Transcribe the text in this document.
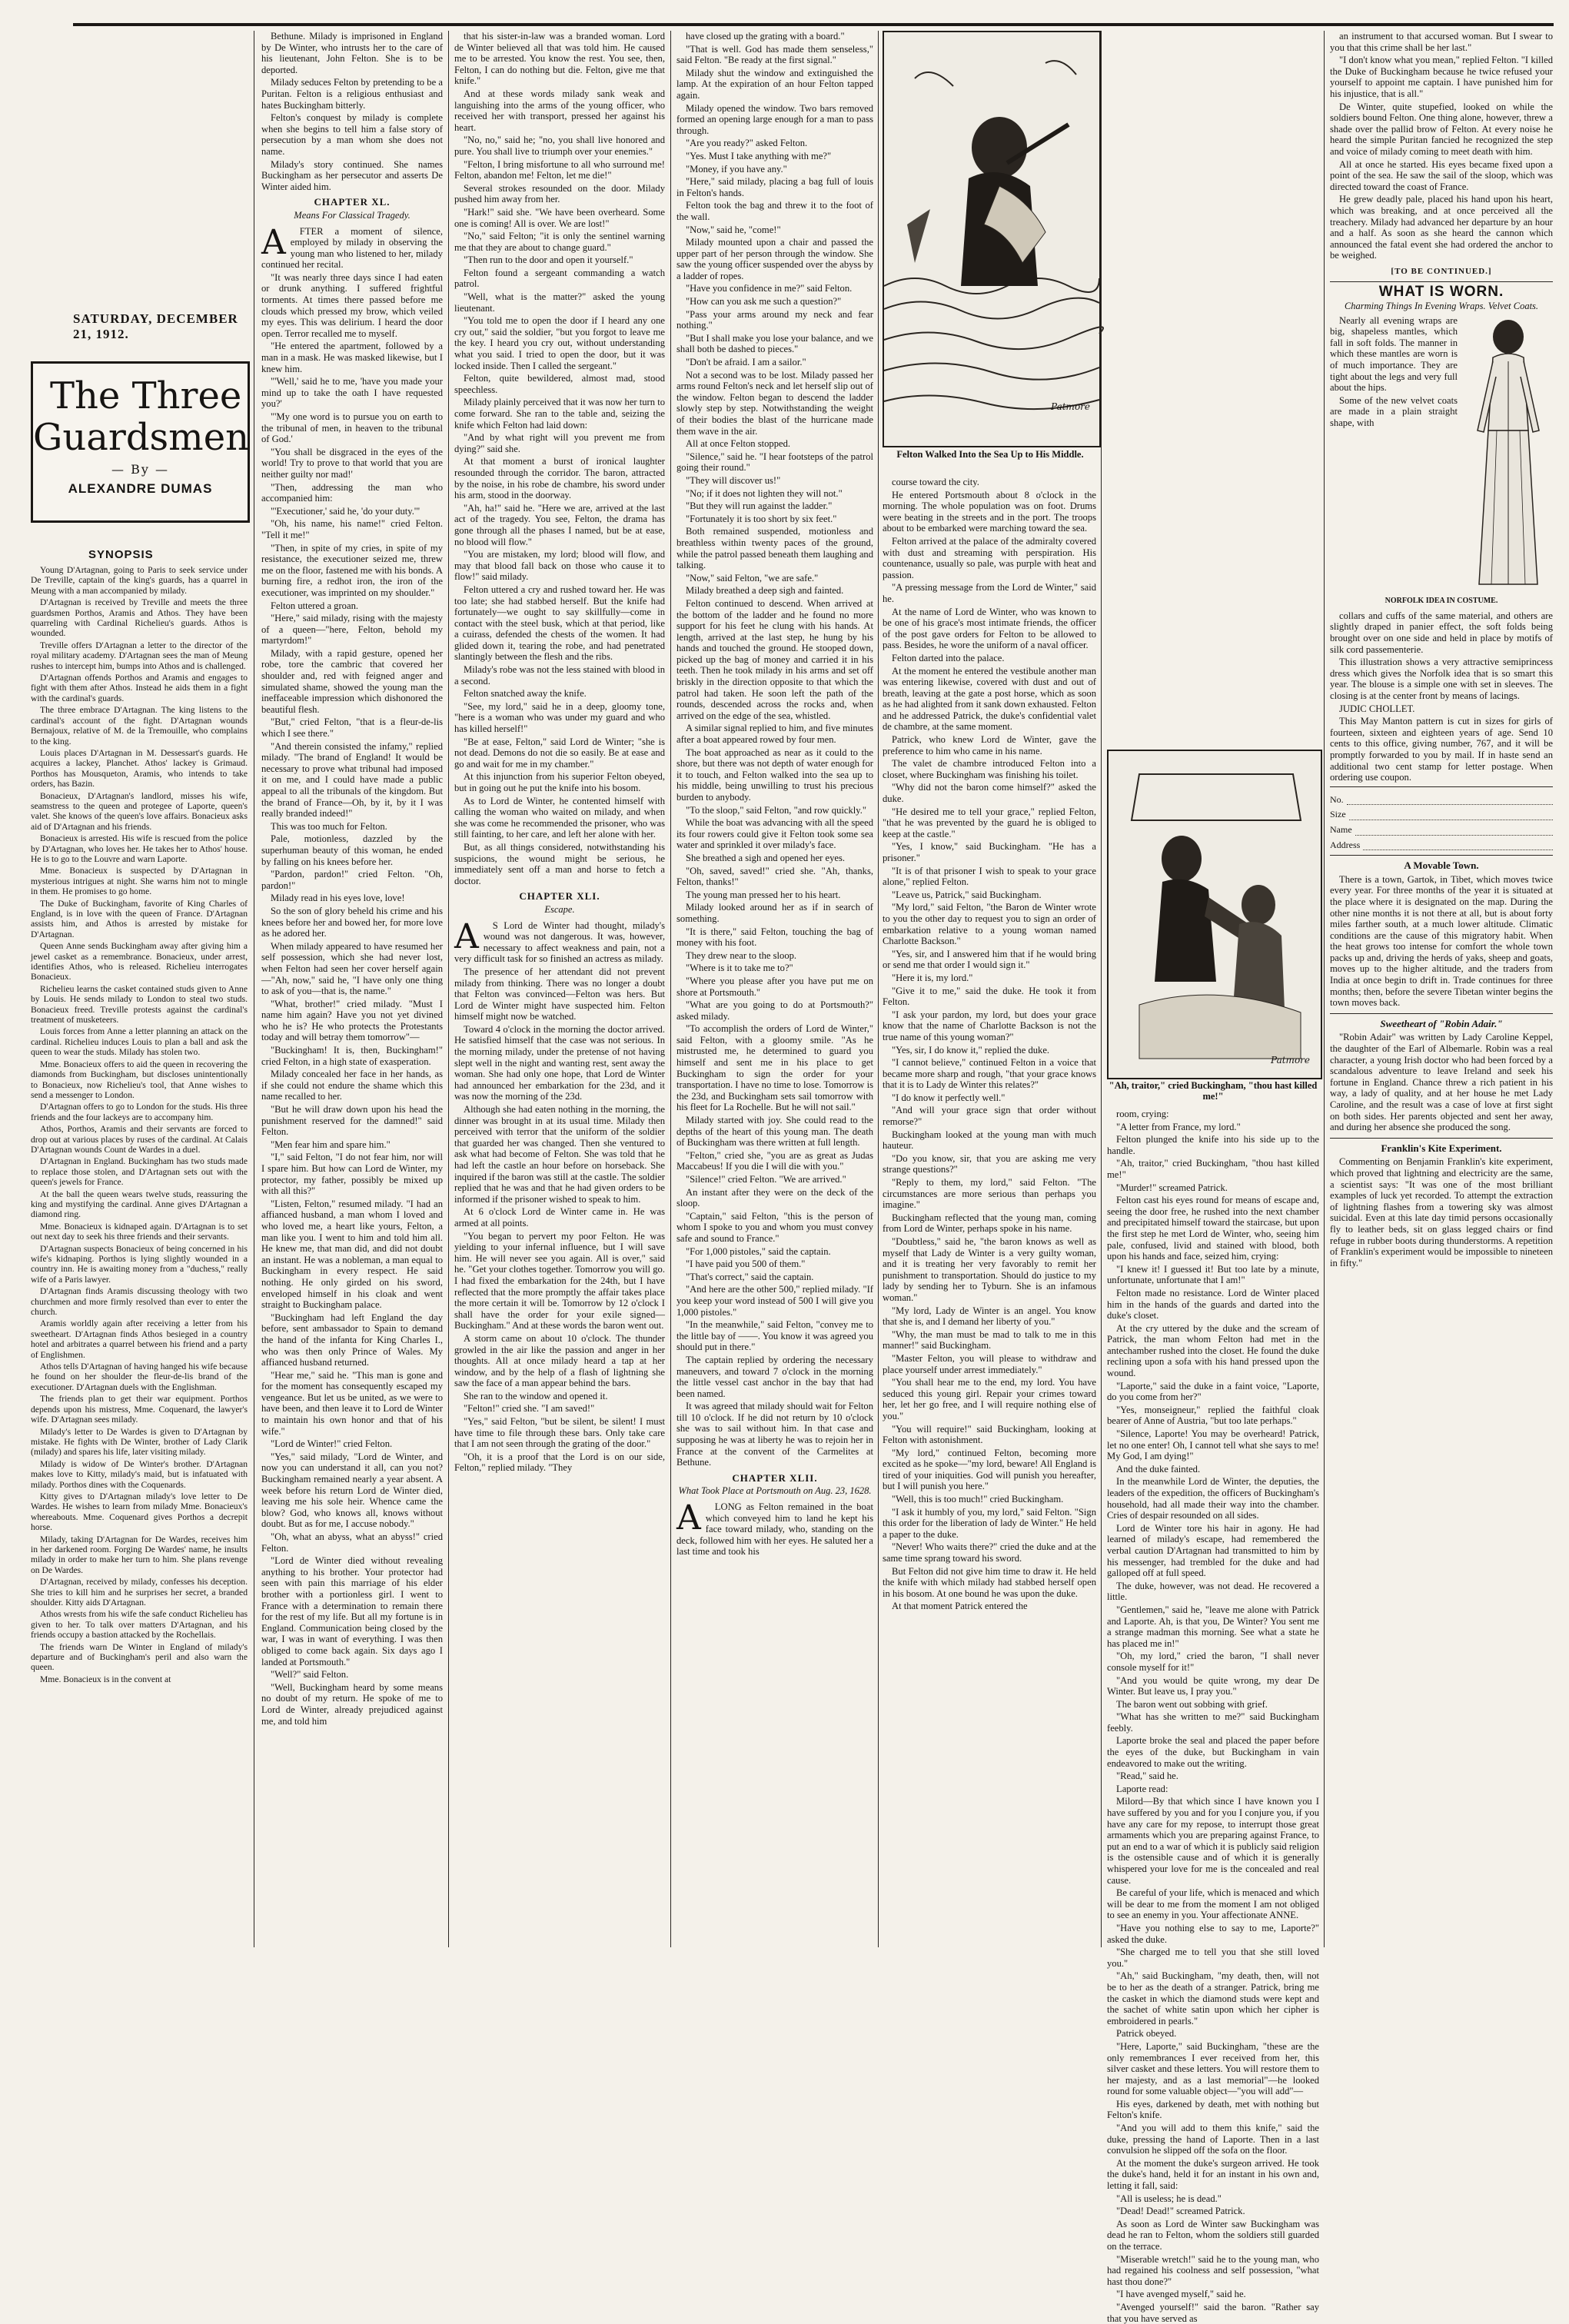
SATURDAY, DECEMBER 21, 1912.
The Three
Guardsmen
— By —
ALEXANDRE DUMAS
SYNOPSIS

Young D'Artagnan, going to Paris to seek service under De Treville, captain of the king's guards, has a quarrel in Meung with a man accompanied by milady.

D'Artagnan is received by Treville and meets the three guardsmen Porthos, Aramis and Athos. They have been quarreling with Cardinal Richelieu's guards. Athos is wounded.

Treville offers D'Artagnan a letter to the director of the royal military academy. D'Artagnan sees the man of Meung rushes to intercept him, bumps into Athos and is challenged.

D'Artagnan offends Porthos and Aramis and engages to fight with them after Athos. Instead he aids them in a fight with the cardinal's guards.

The three embrace D'Artagnan. The king listens to the cardinal's account of the fight. D'Artagnan wounds Bernajoux, relative of M. de la Tremouille, who complains to the king.

Louis places D'Artagnan in M. Dessessart's guards. He acquires a lackey, Planchet. Athos' lackey is Grimaud. Porthos has Mousqueton, Aramis, who intends to take orders, has Bazin.

Bonacieux, D'Artagnan's landlord, misses his wife, seamstress to the queen and protegee of Laporte, queen's valet. She knows of the queen's love affairs. Bonacieux asks aid of D'Artagnan and his friends.

Bonacieux is arrested. His wife is rescued from the police by D'Artagnan, who loves her. He takes her to Athos' house. He is to go to the Louvre and warn Laporte.

Mme. Bonacieux is suspected by D'Artagnan in mysterious intrigues at night. She warns him not to mingle in them. He promises to go home.

The Duke of Buckingham, favorite of King Charles of England, is in love with the queen of France. D'Artagnan assists him, and Athos is arrested by mistake for D'Artagnan.

Queen Anne sends Buckingham away after giving him a jewel casket as a remembrance. Bonacieux, under arrest, identifies Athos, who is released. Richelieu interrogates Bonacieux.

Richelieu learns the casket contained studs given to Anne by Louis. He sends milady to London to steal two studs. Bonacieux freed. Treville protests against the cardinal's treatment of musketeers.

Louis forces from Anne a letter planning an attack on the cardinal. Richelieu induces Louis to plan a ball and ask the queen to wear the studs. Milady has stolen two.

Mme. Bonacieux offers to aid the queen in recovering the diamonds from Buckingham, but discloses unintentionally to Bonacieux, now Richelieu's tool, that Anne wishes to send a messenger to London.

D'Artagnan offers to go to London for the studs. His three friends and the four lackeys are to accompany him.

Athos, Porthos, Aramis and their servants are forced to drop out at various places by ruses of the cardinal. At Calais D'Artagnan wounds Count de Wardes in a duel.

D'Artagnan in England. Buckingham has two studs made to replace those stolen, and D'Artagnan sets out with the queen's jewels for France.

At the ball the queen wears twelve studs, reassuring the king and mystifying the cardinal. Anne gives D'Artagnan a diamond ring.

Mme. Bonacieux is kidnaped again. D'Artagnan is to set out next day to seek his three friends and their servants.

D'Artagnan suspects Bonacieux of being concerned in his wife's kidnaping. Porthos is lying slightly wounded in a country inn. He is awaiting money from a "duchess," really wife of a Paris lawyer.

D'Artagnan finds Aramis discussing theology with two churchmen and more firmly resolved than ever to enter the church.

Aramis worldly again after receiving a letter from his sweetheart. D'Artagnan finds Athos besieged in a country hotel and arbitrates a quarrel between his friend and a party of Englishmen.

Athos tells D'Artagnan of having hanged his wife because he found on her shoulder the fleur-de-lis brand of the executioner. D'Artagnan duels with the Englishman.

The friends plan to get their war equipment. Porthos depends upon his mistress, Mme. Coquenard, the lawyer's wife. D'Artagnan sees milady.

Milady's letter to De Wardes is given to D'Artagnan by mistake. He fights with De Winter, brother of Lady Clarik (milady) and spares his life, later visiting milady.

Milady is widow of De Winter's brother. D'Artagnan makes love to Kitty, milady's maid, but is infatuated with milady. Porthos dines with the Coquenards.

Kitty gives to D'Artagnan milady's love letter to De Wardes. He wishes to learn from milady Mme. Bonacieux's whereabouts. Mme. Coquenard gives Porthos a decrepit horse.

Milady, taking D'Artagnan for De Wardes, receives him in her darkened room. Forging De Wardes' name, he insults milady in order to make her turn to him. She plans revenge on De Wardes.

D'Artagnan, received by milady, confesses his deception. She tries to kill him and he surprises her secret, a branded shoulder. Kitty aids D'Artagnan.

Athos wrests from his wife the safe conduct Richelieu has given to her. To talk over matters D'Artagnan, and his friends occupy a bastion attacked by the Rochellais.

The friends warn De Winter in England of milady's departure and of Buckingham's peril and also warn the queen.

Mme. Bonacieux is in the convent at

Bethune. Milady is imprisoned in England by De Winter, who intrusts her to the care of his lieutenant, John Felton. She is to be deported.

Milady seduces Felton by pretending to be a Puritan. Felton is a religious enthusiast and hates Buckingham bitterly.

Felton's conquest by milady is complete when she begins to tell him a false story of persecution by a man whom she does not name.

Milady's story continued. She names Buckingham as her persecutor and asserts De Winter aided him.

CHAPTER XL.
Means For Classical Tragedy.
A	FTER a moment of silence, employed by milady in observing the young man who listened to her, milady continued her recital.

"It was nearly three days since I had eaten or drunk anything. I suffered frightful torments. At times there passed before me clouds which pressed my brow, which veiled my eyes. This was delirium. I heard the door open. Terror recalled me to myself.

"He entered the apartment, followed by a man in a mask. He was masked likewise, but I knew him.

"'Well,' said he to me, 'have you made your mind up to take the oath I have requested you?'

"'My one word is to pursue you on earth to the tribunal of men, in heaven to the tribunal of God.'

"You shall be disgraced in the eyes of the world! Try to prove to that world that you are neither guilty nor mad!'

"Then, addressing the man who accompanied him:

"'Executioner,' said he, 'do your duty.'"

"Oh, his name, his name!" cried Felton. "Tell it me!"

"Then, in spite of my cries, in spite of my resistance, the executioner seized me, threw me on the floor, fastened me with his bonds. A burning fire, a redhot iron, the iron of the executioner, was imprinted on my shoulder."

Felton uttered a groan.

"Here," said milady, rising with the majesty of a queen—"here, Felton, behold my martyrdom!"

Milady, with a rapid gesture, opened her robe, tore the cambric that covered her shoulder and, red with feigned anger and simulated shame, showed the young man the ineffaceable impression which dishonored the beautiful flesh.

"But," cried Felton, "that is a fleur-de-lis which I see there."

"And therein consisted the infamy," replied milady. "The brand of England! It would be necessary to prove what tribunal had imposed it on me, and I could have made a public appeal to all the tribunals of the kingdom. But the brand of France—Oh, by it, by it I was really branded indeed!"

This was too much for Felton.

Pale, motionless, dazzled by the superhuman beauty of this woman, he ended by falling on his knees before her.

"Pardon, pardon!" cried Felton. "Oh, pardon!"

Milady read in his eyes love, love!

So the son of glory beheld his crime and his knees before her and bowed her, for more love as he adored her.

When milady appeared to have resumed her self possession, which she had never lost, when Felton had seen her cover herself again—"Ah, now," said he, "I have only one thing to ask of you—that is, the name."

"What, brother!" cried milady. "Must I name him again? Have you not yet divined who he is? He who protects the Protestants today and will betray them tomorrow"—

"Buckingham! It is, then, Buckingham!" cried Felton, in a high state of exasperation.

Milady concealed her face in her hands, as if she could not endure the shame which this name recalled to her.

"But he will draw down upon his head the punishment reserved for the damned!" said Felton.

"Men fear him and spare him."

"I," said Felton, "I do not fear him, nor will I spare him. But how can Lord de Winter, my protector, my father, possibly be mixed up with all this?"

"Listen, Felton," resumed milady. "I had an affianced husband, a man whom I loved and who loved me, a heart like yours, Felton, a man like you. I went to him and told him all. He knew me, that man did, and did not doubt an instant. He was a nobleman, a man equal to Buckingham in every respect. He said nothing. He only girded on his sword, enveloped himself in his cloak and went straight to Buckingham palace.

"Buckingham had left England the day before, sent ambassador to Spain to demand the hand of the infanta for King Charles I., who was then only Prince of Wales. My affianced husband returned.

"Hear me," said he. "This man is gone and for the moment has consequently escaped my vengeance. But let us be united, as we were to have been, and then leave it to Lord de Winter to maintain his own honor and that of his wife."

"Lord de Winter!" cried Felton.

"Yes," said milady, "Lord de Winter, and now you can understand it all, can you not? Buckingham remained nearly a year absent. A week before his return Lord de Winter died, leaving me his sole heir. Whence came the blow? God, who knows all, knows without doubt. But as for me, I accuse nobody."

"Oh, what an abyss, what an abyss!" cried Felton.

"Lord de Winter died without revealing anything to his brother. Your protector had seen with pain this marriage of his elder brother with a portionless girl. I went to France with a determination to remain there for the rest of my life. But all my fortune is in England. Communication being closed by the war, I was in want of everything. I was then obliged to come back again. Six days ago I landed at Portsmouth."

"Well?" said Felton.

"Well, Buckingham heard by some means no doubt of my return. He spoke of me to Lord de Winter, already prejudiced against me, and told him

that his sister-in-law was a branded woman. Lord de Winter believed all that was told him. He caused me to be arrested. You know the rest. You see, then, Felton, I can do nothing but die. Felton, give me that knife."

And at these words milady sank weak and languishing into the arms of the young officer, who received her with transport, pressed her against his heart.

"No, no," said he; "no, you shall live honored and pure. You shall live to triumph over your enemies."

"Felton, I bring misfortune to all who surround me! Felton, abandon me! Felton, let me die!"

Several strokes resounded on the door. Milady pushed him away from her.

"Hark!" said she. "We have been overheard. Some one is coming! All is over. We are lost!"

"No," said Felton; "it is only the sentinel warning me that they are about to change guard."

"Then run to the door and open it yourself."

Felton found a sergeant commanding a watch patrol.

"Well, what is the matter?" asked the young lieutenant.

"You told me to open the door if I heard any one cry out," said the soldier, "but you forgot to leave me the key. I heard you cry out, without understanding what you said. I tried to open the door, but it was locked inside. Then I called the sergeant."

Felton, quite bewildered, almost mad, stood speechless.

Milady plainly perceived that it was now her turn to come forward. She ran to the table and, seizing the knife which Felton had laid down:

"And by what right will you prevent me from dying?" said she.

At that moment a burst of ironical laughter resounded through the corridor. The baron, attracted by the noise, in his robe de chambre, his sword under his arm, stood in the doorway.

"Ah, ha!" said he. "Here we are, arrived at the last act of the tragedy. You see, Felton, the drama has gone through all the phases I named, but be at ease, no blood will flow."

"You are mistaken, my lord; blood will flow, and may that blood fall back on those who cause it to flow!" said milady.

Felton uttered a cry and rushed toward her. He was too late; she had stabbed herself. But the knife had fortunately—we ought to say skillfully—come in contact with the steel busk, which at that period, like a cuirass, defended the chests of the women. It had glided down it, tearing the robe, and had penetrated slantingly between the flesh and the ribs.

Milady's robe was not the less stained with blood in a second.

Felton snatched away the knife.

"See, my lord," said he in a deep, gloomy tone, "here is a woman who was under my guard and who has killed herself!"

"Be at ease, Felton," said Lord de Winter; "she is not dead. Demons do not die so easily. Be at ease and go and wait for me in my chamber."

At this injunction from his superior Felton obeyed, but in going out he put the knife into his bosom.

As to Lord de Winter, he contented himself with calling the woman who waited on milady, and when she was come he recommended the prisoner, who was still fainting, to her care, and left her alone with her.

But, as all things considered, notwithstanding his suspicions, the wound might be serious, he immediately sent off a man and horse to fetch a doctor.

CHAPTER XLI.
Escape.
A	S Lord de Winter had thought, milady's wound was not dangerous. It was, however, necessary to affect weakness and pain, not a very difficult task for so finished an actress as milady.

The presence of her attendant did not prevent milady from thinking. There was no longer a doubt that Felton was convinced—Felton was hers. But Lord de Winter might have suspected him. Felton himself might now be watched.

Toward 4 o'clock in the morning the doctor arrived. He satisfied himself that the case was not serious. In the morning milady, under the pretense of not having slept well in the night and wanting rest, sent away the woman. She had only one hope, that Lord de Winter had announced her embarkation for the 23d, and it was now the morning of the 23d.

Although she had eaten nothing in the morning, the dinner was brought in at its usual time. Milady then perceived with terror that the uniform of the soldier that guarded her was changed. Then she ventured to ask what had become of Felton. She was told that he had left the castle an hour before on horseback. She inquired if the baron was still at the castle. The soldier replied that he was and that he had given orders to be informed if the prisoner wished to speak to him.

At 6 o'clock Lord de Winter came in. He was armed at all points.

"You began to pervert my poor Felton. He was yielding to your infernal influence, but I will save him. He will never see you again. All is over," said he. "Get your clothes together. Tomorrow you will go. I had fixed the embarkation for the 24th, but I have reflected that the more promptly the affair takes place the more certain it will be. Tomorrow by 12 o'clock I shall have the order for your exile signed—Buckingham." And at these words the baron went out.

A storm came on about 10 o'clock. The thunder growled in the air like the passion and anger in her thoughts. All at once milady heard a tap at her window, and by the help of a flash of lightning she saw the face of a man appear behind the bars.

She ran to the window and opened it.

"Felton!" cried she. "I am saved!"

"Yes," said Felton, "but be silent, be silent! I must have time to file through these bars. Only take care that I am not seen through the grating of the door."

"Oh, it is a proof that the Lord is on our side, Felton," replied milady. "They

Patmore
Felton Walked Into the Sea Up to His Middle.

have closed up the grating with a board."

"That is well. God has made them senseless," said Felton. "Be ready at the first signal."

Milady shut the window and extinguished the lamp. At the expiration of an hour Felton tapped again.

Milady opened the window. Two bars removed formed an opening large enough for a man to pass through.

"Are you ready?" asked Felton.

"Yes. Must I take anything with me?"

"Money, if you have any."

"Here," said milady, placing a bag full of louis in Felton's hands.

Felton took the bag and threw it to the foot of the wall.

"Now," said he, "come!"

Milady mounted upon a chair and passed the upper part of her person through the window. She saw the young officer suspended over the abyss by a ladder of ropes.

"Have you confidence in me?" said Felton.

"How can you ask me such a question?"

"Pass your arms around my neck and fear nothing."

"But I shall make you lose your balance, and we shall both be dashed to pieces."

"Don't be afraid. I am a sailor."

Not a second was to be lost. Milady passed her arms round Felton's neck and let herself slip out of the window. Felton began to descend the ladder slowly step by step. Notwithstanding the weight of their bodies the blast of the hurricane made them wave in the air.

All at once Felton stopped.

"Silence," said he. "I hear footsteps of the patrol going their round."

"They will discover us!"

"No; if it does not lighten they will not."

"But they will run against the ladder."

"Fortunately it is too short by six feet."

Both remained suspended, motionless and breathless within twenty paces of the ground, while the patrol passed beneath them laughing and talking.

"Now," said Felton, "we are safe."

Milady breathed a deep sigh and fainted.

Felton continued to descend. When arrived at the bottom of the ladder and he found no more support for his feet he clung with his hands. At length, arrived at the last step, he hung by his hands and touched the ground. He stooped down, picked up the bag of money and carried it in his teeth. Then he took milady in his arms and set off briskly in the direction opposite to that which the patrol had taken. He soon left the path of the rounds, descended across the rocks and, when arrived on the edge of the sea, whistled.

A similar signal replied to him, and five minutes after a boat appeared rowed by four men.

The boat approached as near as it could to the shore, but there was not depth of water enough for it to touch, and Felton walked into the sea up to his middle, being unwilling to trust his precious burden to anybody.

"To the sloop," said Felton, "and row quickly."

While the boat was advancing with all the speed its four rowers could give it Felton took some sea water and sprinkled it over milady's face.

She breathed a sigh and opened her eyes.

"Oh, saved, saved!" cried she. "Ah, thanks, Felton, thanks!"

The young man pressed her to his heart.

Milady looked around her as if in search of something.

"It is there," said Felton, touching the bag of money with his foot.

They drew near to the sloop.

"Where is it to take me to?"

"Where you please after you have put me on shore at Portsmouth."

"What are you going to do at Portsmouth?" asked milady.

"To accomplish the orders of Lord de Winter," said Felton, with a gloomy smile. "As he mistrusted me, he determined to guard you himself and sent me in his place to get Buckingham to sign the order for your transportation. I have no time to lose. Tomorrow is the 23d, and Buckingham sets sail tomorrow with his fleet for La Rochelle. But he will not sail."

Milady started with joy. She could read to the depths of the heart of this young man. The death of Buckingham was there written at full length.

"Felton," cried she, "you are as great as Judas Maccabeus! If you die I will die with you."

"Silence!" cried Felton. "We are arrived."

An instant after they were on the deck of the sloop.

"Captain," said Felton, "this is the person of whom I spoke to you and whom you must convey safe and sound to France."

"For 1,000 pistoles," said the captain.

"I have paid you 500 of them."

"That's correct," said the captain.

"And here are the other 500," replied milady. "If you keep your word instead of 500 I will give you 1,000 pistoles."

"In the meanwhile," said Felton, "convey me to the little bay of ——. You know it was agreed you should put in there."

The captain replied by ordering the necessary maneuvers, and toward 7 o'clock in the morning the little vessel cast anchor in the bay that had been named.

It was agreed that milady should wait for Felton till 10 o'clock. If he did not return by 10 o'clock she was to sail without him. In that case and supposing he was at liberty he was to rejoin her in France at the convent of the Carmelites at Bethune.

CHAPTER XLII.
What Took Place at Portsmouth on Aug. 23, 1628.
A	LONG as Felton remained in the boat which conveyed him to land he kept his face toward milady, who, standing on the deck, followed him with her eyes. He saluted her a last time and took his

course toward the city.

He entered Portsmouth about 8 o'clock in the morning. The whole population was on foot. Drums were beating in the streets and in the port. The troops about to be embarked were marching toward the sea.

Felton arrived at the palace of the admiralty covered with dust and streaming with perspiration. His countenance, usually so pale, was purple with heat and passion.

"A pressing message from the Lord de Winter," said he.

At the name of Lord de Winter, who was known to be one of his grace's most intimate friends, the officer of the post gave orders for Felton to be allowed to pass. Besides, he wore the uniform of a naval officer.

Felton darted into the palace.

At the moment he entered the vestibule another man was entering likewise, covered with dust and out of breath, leaving at the gate a post horse, which as soon as he had alighted from it sank down exhausted. Felton and he addressed Patrick, the duke's confidential valet de chambre, at the same moment.

Patrick, who knew Lord de Winter, gave the preference to him who came in his name.

The valet de chambre introduced Felton into a closet, where Buckingham was finishing his toilet.

"Why did not the baron come himself?" asked the duke.

"He desired me to tell your grace," replied Felton, "that he was prevented by the guard he is obliged to keep at the castle."

"Yes, I know," said Buckingham. "He has a prisoner."

"It is of that prisoner I wish to speak to your grace alone," replied Felton.

"Leave us, Patrick," said Buckingham.

"My lord," said Felton, "the Baron de Winter wrote to you the other day to request you to sign an order of embarkation relative to a young woman named Charlotte Backson."

"Yes, sir, and I answered him that if he would bring or send me that order I would sign it."

"Here it is, my lord."

"Give it to me," said the duke. He took it from Felton.

"I ask your pardon, my lord, but does your grace know that the name of Charlotte Backson is not the true name of this young woman?"

"Yes, sir, I do know it," replied the duke.

"I cannot believe," continued Felton in a voice that became more sharp and rough, "that your grace knows that it is to Lady de Winter this relates?"

"I do know it perfectly well."

"And will your grace sign that order without remorse?"

Buckingham looked at the young man with much hauteur.

"Do you know, sir, that you are asking me very strange questions?"

"Reply to them, my lord," said Felton. "The circumstances are more serious than perhaps you imagine."

Buckingham reflected that the young man, coming from Lord de Winter, perhaps spoke in his name.

"Doubtless," said he, "the baron knows as well as myself that Lady de Winter is a very guilty woman, and it is treating her very favorably to remit her punishment to transportation. Should do justice to my lady by sending her to Tyburn. She is an infamous woman."

"My lord, Lady de Winter is an angel. You know that she is, and I demand her liberty of you."

"Why, the man must be mad to talk to me in this manner!" said Buckingham.

"Master Felton, you will please to withdraw and place yourself under arrest immediately."

"You shall hear me to the end, my lord. You have seduced this young girl. Repair your crimes toward her, let her go free, and I will require nothing else of you."

"You will require!" said Buckingham, looking at Felton with astonishment.

"My lord," continued Felton, becoming more excited as he spoke—"my lord, beware! All England is tired of your iniquities. God will punish you hereafter, but I will punish you here."

"Well, this is too much!" cried Buckingham.

"I ask it humbly of you, my lord," said Felton. "Sign this order for the liberation of lady de Winter." He held a paper to the duke.

"Never! Who waits there?" cried the duke and at the same time sprang toward his sword.

But Felton did not give him time to draw it. He held the knife with which milady had stabbed herself open in his bosom. At one bound he was upon the duke.

At that moment Patrick entered the

Patmore
"Ah, traitor," cried Buckingham, "thou hast killed me!"

room, crying:

"A letter from France, my lord."

Felton plunged the knife into his side up to the handle.

"Ah, traitor," cried Buckingham, "thou hast killed me!"

"Murder!" screamed Patrick.

Felton cast his eyes round for means of escape and, seeing the door free, he rushed into the next chamber and precipitated himself toward the staircase, but upon the first step he met Lord de Winter, who, seeing him pale, confused, livid and stained with blood, both upon his hands and face, seized him, crying:

"I knew it! I guessed it! But too late by a minute, unfortunate, unfortunate that I am!"

Felton made no resistance. Lord de Winter placed him in the hands of the guards and darted into the duke's closet.

At the cry uttered by the duke and the scream of Patrick, the man whom Felton had met in the antechamber rushed into the closet. He found the duke reclining upon a sofa with his hand pressed upon the wound.

"Laporte," said the duke in a faint voice, "Laporte, do you come from her?"

"Yes, monseigneur," replied the faithful cloak bearer of Anne of Austria, "but too late perhaps."

"Silence, Laporte! You may be overheard! Patrick, let no one enter! Oh, I cannot tell what she says to me! My God, I am dying!"

And the duke fainted.

In the meanwhile Lord de Winter, the deputies, the leaders of the expedition, the officers of Buckingham's household, had all made their way into the chamber. Cries of despair resounded on all sides.

Lord de Winter tore his hair in agony. He had learned of milady's escape, had remembered the verbal caution D'Artagnan had transmitted to him by his messenger, had trembled for the duke and had galloped off at full speed.

The duke, however, was not dead. He recovered a little.

"Gentlemen," said he, "leave me alone with Patrick and Laporte. Ah, is that you, De Winter? You sent me a strange madman this morning. See what a state he has placed me in!"

"Oh, my lord," cried the baron, "I shall never console myself for it!"

"And you would be quite wrong, my dear De Winter. But leave us, I pray you."

The baron went out sobbing with grief.

"What has she written to me?" said Buckingham feebly.

Laporte broke the seal and placed the paper before the eyes of the duke, but Buckingham in vain endeavored to make out the writing.

"Read," said he.

Laporte read:

Milord—By that which since I have known you I have suffered by you and for you I conjure you, if you have any care for my repose, to interrupt those great armaments which you are preparing against France, to put an end to a war of which it is publicly said religion is the ostensible cause and of which it is generally whispered your love for me is the concealed and real cause.

Be careful of your life, which is menaced and which will be dear to me from the moment I am not obliged to see an enemy in you. Your affectionate ANNE.

"Have you nothing else to say to me, Laporte?" asked the duke.

"She charged me to tell you that she still loved you."

"Ah," said Buckingham, "my death, then, will not be to her as the death of a stranger. Patrick, bring me the casket in which the diamond studs were kept and the sachet of white satin upon which her cipher is embroidered in pearls."

Patrick obeyed.

"Here, Laporte," said Buckingham, "these are the only remembrances I ever received from her, this silver casket and these letters. You will restore them to her majesty, and as a last memorial"—he looked round for some valuable object—"you will add"—

His eyes, darkened by death, met with nothing but Felton's knife.

"And you will add to them this knife," said the duke, pressing the hand of Laporte. Then in a last convulsion he slipped off the sofa on the floor.

At the moment the duke's surgeon arrived. He took the duke's hand, held it for an instant in his own and, letting it fall, said:

"All is useless; he is dead."

"Dead! Dead!" screamed Patrick.

As soon as Lord de Winter saw Buckingham was dead he ran to Felton, whom the soldiers still guarded on the terrace.

"Miserable wretch!" said he to the young man, who had regained his coolness and self possession, "what hast thou done?"

"I have avenged myself," said he.

"Avenged yourself!" said the baron. "Rather say that you have served as

an instrument to that accursed woman. But I swear to you that this crime shall be her last."

"I don't know what you mean," replied Felton. "I killed the Duke of Buckingham because he twice refused your yourself to appoint me captain. I have punished him for his injustice, that is all."

De Winter, quite stupefied, looked on while the soldiers bound Felton. One thing alone, however, threw a shade over the pallid brow of Felton. At every noise he heard the simple Puritan fancied he recognized the step and voice of milady coming to meet death with him.

All at once he started. His eyes became fixed upon a point of the sea. He saw the sail of the sloop, which was directed toward the coast of France.

He grew deadly pale, placed his hand upon his heart, which was breaking, and at once perceived all the treachery. Milady had advanced her departure by an hour and a half. As soon as she heard the cannon which announced the fatal event she had ordered the anchor to be weighed.

[TO BE CONTINUED.]
WHAT IS WORN.
Charming Things In Evening Wraps. Velvet Coats.

Nearly all evening wraps are big, shapeless mantles, which fall in soft folds. The manner in which these mantles are worn is of much importance. They are tight about the legs and very full about the hips.

Some of the new velvet coats are made in a plain straight shape, with

NORFOLK IDEA IN COSTUME.

collars and cuffs of the same material, and others are slightly draped in panier effect, the soft folds being brought over on one side and held in place by motifs of silk cord passementerie.

This illustration shows a very attractive semiprincess dress which gives the Norfolk idea that is so smart this year. The blouse is a simple one with set in sleeves. The closing is at the center front by means of lacings.

JUDIC CHOLLET.

This May Manton pattern is cut in sizes for girls of fourteen, sixteen and eighteen years of age. Send 10 cents to this office, giving number, 767, and it will be promptly forwarded to you by mail. If in haste send an additional two cent stamp for letter postage. When ordering use coupon.

No.
Size
Name
Address
A Movable Town.

There is a town, Gartok, in Tibet, which moves twice every year. For three months of the year it is situated at the place where it is designated on the map. During the other nine months it is not there at all, but is about forty miles farther south, at a much lower altitude. Climatic conditions are the cause of this migratory habit. When the heat grows too intense for comfort the whole town packs up and, driving the herds of yaks, sheep and goats, moves up to the higher altitude, and the traders from India at once begin to drift in. Trade continues for three months; then, before the severe Tibetan winter begins the town moves back.

Sweetheart of "Robin Adair."

"Robin Adair" was written by Lady Caroline Keppel, the daughter of the Earl of Albemarle. Robin was a real character, a young Irish doctor who had been forced by a scandalous adventure to leave Ireland and seek his fortune in England. Chance threw a rich patient in his way, a lady of quality, and at her house he met Lady Caroline, and the result was a case of love at first sight on both sides. Her parents objected and sent her away, and during her absence she produced the song.

Franklin's Kite Experiment.

Commenting on Benjamin Franklin's kite experiment, which proved that lightning and electricity are the same, a scientist says: "It was one of the most brilliant examples of luck yet recorded. To attempt the extraction of lightning flashes from a towering sky was almost suicidal. Even at this late day timid persons occasionally fly to leather beds, sit on glass legged chairs or find refuge in rubber boots during thunderstorms. A repetition of Franklin's experiment would be impossible to nineteen in fifty."
